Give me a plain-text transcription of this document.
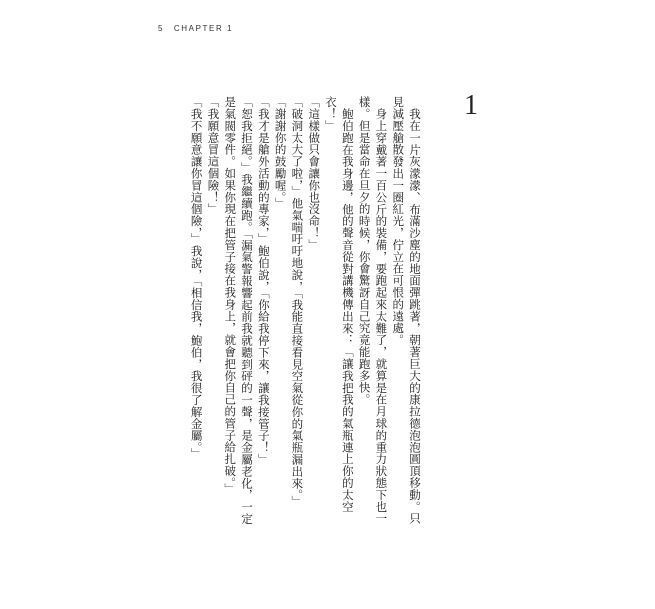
5 CHAPTER 1
1

我在一片灰濛濛、布滿沙塵的地面彈跳著，朝著巨大的康拉德泡泡圓頂移動。只見減壓艙散發出一圈紅光，佇立在可恨的遠處。

身上穿戴著一百公斤的裝備，要跑起來太難了，就算是在月球的重力狀態下也一樣。但是當命在旦夕的時候，你會驚訝自己究竟能跑多快。

鮑伯跑在我身邊，他的聲音從對講機傳出來：「讓我把我的氣瓶連上你的太空衣！」

「這樣做只會讓你也沒命！」

「破洞太大了啦，」他氣喘吁吁地說，「我能直接看見空氣從你的氣瓶漏出來。」

「謝謝你的鼓勵喔。」

「我才是艙外活動的專家，」鮑伯說，「你給我停下來，讓我接管子！」

「恕我拒絕。」我繼續跑。「漏氣警報響起前我就聽到砰的一聲，是金屬老化，一定是氣閥零件。如果你現在把管子接在我身上，就會把你自己的管子給扎破。」

「我願意冒這個險！」

「我不願意讓你冒這個險，」我說，「相信我，鮑伯，我很了解金屬。」
